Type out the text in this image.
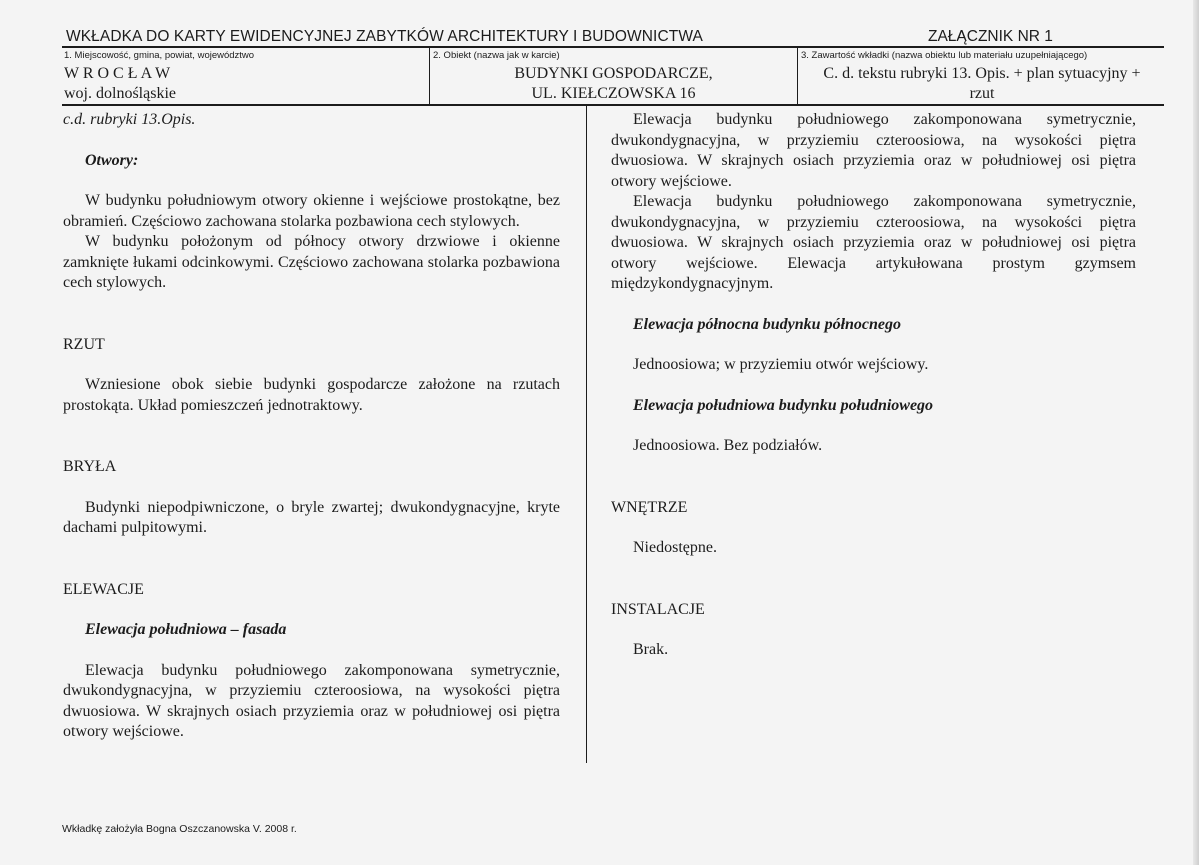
WKŁADKA DO KARTY EWIDENCYJNEJ ZABYTKÓW ARCHITEKTURY I BUDOWNICTWA	ZAŁĄCZNIK NR 1
1. Miejscowość, gmina, powiat, województwo
W R O C Ł A W
woj. dolnośląskie
2. Obiekt (nazwa jak w karcie)
BUDYNKI GOSPODARCZE,
UL. KIEŁCZOWSKA 16
3. Zawartość wkładki (nazwa obiektu lub materiału uzupełniającego)
C. d. tekstu rubryki 13. Opis. + plan sytuacyjny +
rzut

c.d. rubryki 13.Opis.

Otwory:

W budynku południowym otwory okienne i wejściowe prostokątne, bez obramień. Częściowo zachowana stolarka pozbawiona cech stylowych.

W budynku położonym od północy otwory drzwiowe i okienne zamknięte łukami odcinkowymi. Częściowo zachowana stolarka pozbawiona cech stylowych.

RZUT

Wzniesione obok siebie budynki gospodarcze założone na rzutach prostokąta. Układ pomieszczeń jednotraktowy.

BRYŁA

Budynki niepodpiwniczone, o bryle zwartej; dwukondygnacyjne, kryte dachami pulpitowymi.

ELEWACJE

Elewacja południowa – fasada

Elewacja budynku południowego zakomponowana symetrycznie, dwukondygnacyjna, w przyziemiu czteroosiowa, na wysokości piętra dwuosiowa. W skrajnych osiach przyziemia oraz w południowej osi piętra otwory wejściowe.

Elewacja budynku południowego zakomponowana symetrycznie, dwukondygnacyjna, w przyziemiu czteroosiowa, na wysokości piętra dwuosiowa. W skrajnych osiach przyziemia oraz w południowej osi piętra otwory wejściowe.

Elewacja budynku południowego zakomponowana symetrycznie, dwukondygnacyjna, w przyziemiu czteroosiowa, na wysokości piętra dwuosiowa. W skrajnych osiach przyziemia oraz w południowej osi piętra otwory wejściowe. Elewacja artykułowana prostym gzymsem międzykondygnacyjnym.

Elewacja północna budynku północnego

Jednoosiowa; w przyziemiu otwór wejściowy.

Elewacja południowa budynku południowego

Jednoosiowa. Bez podziałów.

WNĘTRZE

Niedostępne.

INSTALACJE

Brak.

Wkładkę założyła Bogna Oszczanowska V. 2008 r.
